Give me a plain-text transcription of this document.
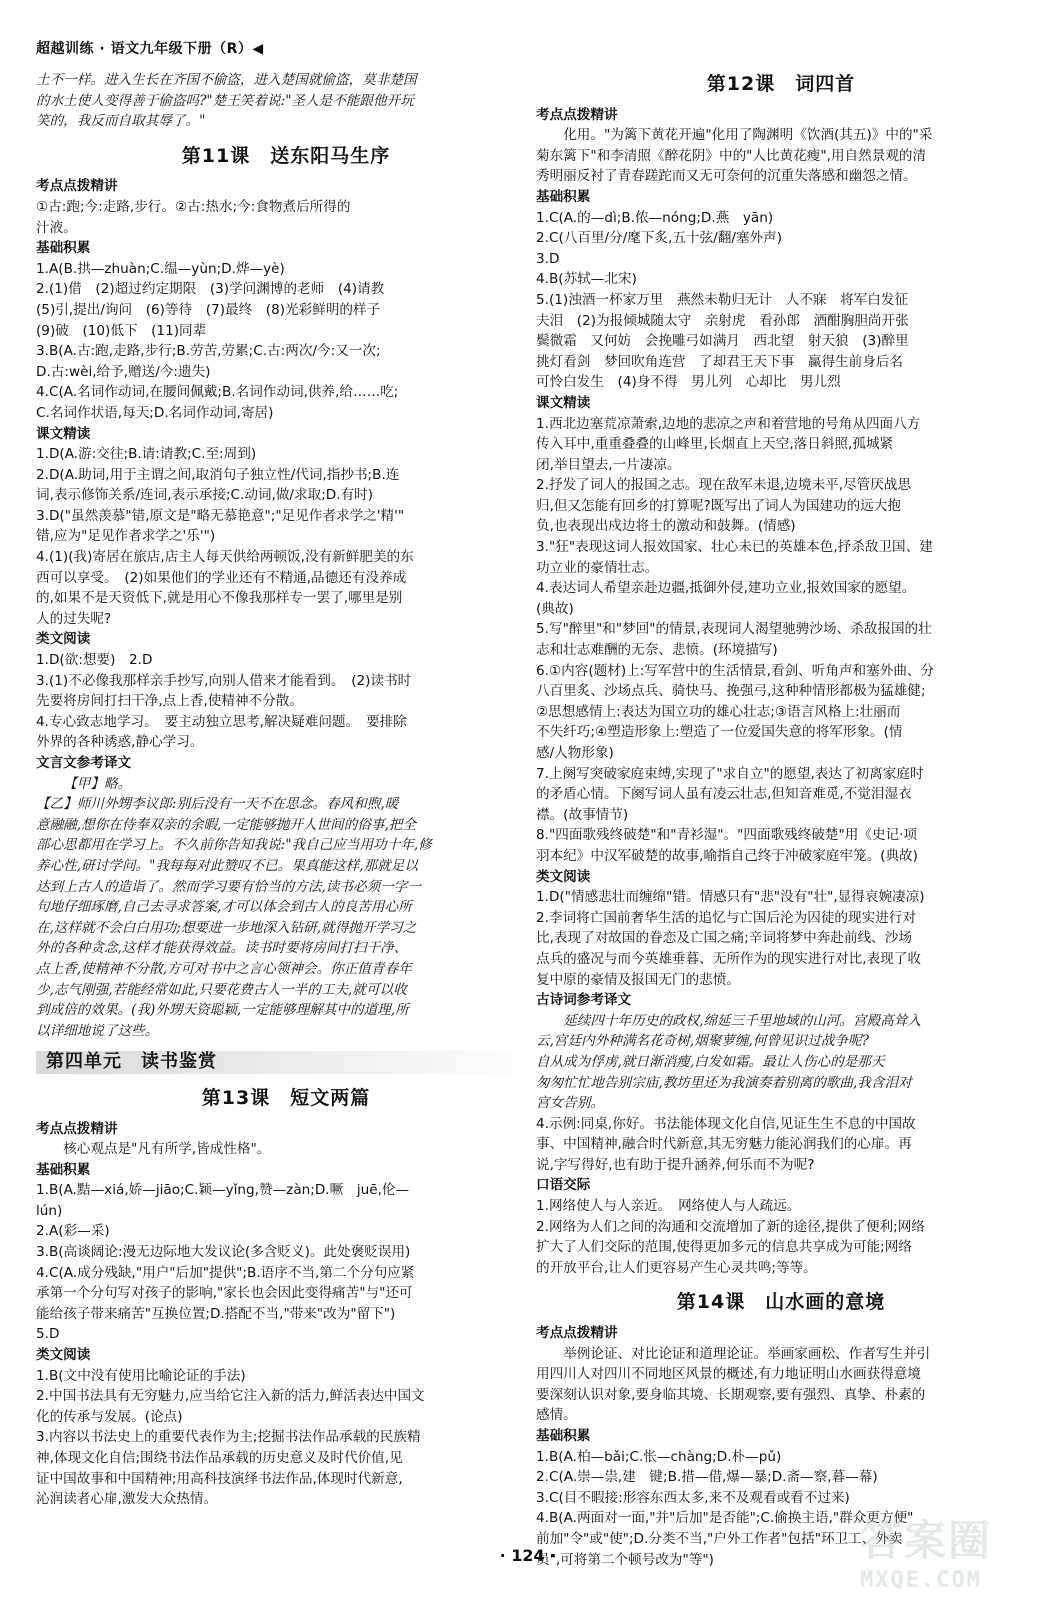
超越训练 · 语文九年级下册（R）◀

土不一样。进入生长在齐国不偷盗，进入楚国就偷盗，莫非楚国

的水土使人变得善于偷盗吗?"楚王笑着说:"圣人是不能跟他开玩

笑的，我反而自取其辱了。"

第11课　送东阳马生序
考点点拨精讲

①古:跑;今:走路,步行。②古:热水;今:食物煮后所得的

汁液。

基础积累

1.A(B.拱—zhuàn;C.缊—yùn;D.烨—yè)

2.(1)借　(2)超过约定期限　(3)学问渊博的老师　(4)请教

(5)引,提出/询问　(6)等待　(7)最终　(8)光彩鲜明的样子

(9)破　(10)低下　(11)同辈

3.B(A.古:跑,走路,步行;B.劳苦,劳累;C.古:两次/今:又一次;

D.古:wèi,给予,赠送/今:遗失)

4.C(A.名词作动词,在腰间佩戴;B.名词作动词,供养,给……吃;

C.名词作状语,每天;D.名词作动词,寄居)

课文精读

1.D(A.游:交往;B.请:请教;C.至:周到)

2.D(A.助词,用于主谓之间,取消句子独立性/代词,指抄书;B.连

词,表示修饰关系/连词,表示承接;C.动词,做/求取;D.有时)

3.D("虽然羡慕"错,原文是"略无慕艳意";"足见作者求学之'精'"

错,应为"足见作者求学之'乐'")

4.(1)(我)寄居在旅店,店主人每天供给两顿饭,没有新鲜肥美的东

西可以享受。　(2)如果他们的学业还有不精通,品德还有没养成

的,如果不是天资低下,就是用心不像我那样专一罢了,哪里是别

人的过失呢?

类文阅读

1.D(欲:想要)　2.D

3.(1)不必像我那样亲手抄写,向别人借来才能看到。　(2)读书时

先要将房间打扫干净,点上香,使精神不分散。

4.专心致志地学习。　要主动独立思考,解决疑难问题。　要排除

外界的各种诱惑,静心学习。

文言文参考译文

【甲】略。

【乙】师川外甥李议郎:别后没有一天不在思念。春风和煦,暖

意融融,想你在侍奉双亲的余暇,一定能够抛开人世间的俗事,把全

部心思都用在学习上。不久前你告知我说:"我自己应当用功十年,修

养心性,研讨学问。"我每每对此赞叹不已。果真能这样,那就足以

达到上古人的造诣了。然而学习要有恰当的方法,读书必须一字一

句地仔细琢磨,自己去寻求答案,才可以体会到古人的良苦用心所

在,这样就不会白白用功;想要进一步地深入钻研,就得抛开学习之

外的各种贪念,这样才能获得效益。读书时要将房间打扫干净、

点上香,使精神不分散,方可对书中之言心领神会。你正值青春年

少,志气刚强,若能经常如此,只要花费古人一半的工夫,就可以收

到成倍的效果。(我)外甥天资聪颖,一定能够理解其中的道理,所

以详细地说了这些。

第四单元　读书鉴赏
第13课　短文两篇
考点点拨精讲

核心观点是"凡有所学,皆成性格"。

基础积累

1.B(A.黠—xiá,娇—jiāo;C.颖—yǐng,赞—zàn;D.噘　juē,伦—

lún)

2.A(彩—采)

3.B(高谈阔论:漫无边际地大发议论(多含贬义)。此处褒贬误用)

4.C(A.成分残缺,"用户"后加"提供";B.语序不当,第二个分句应紧

承第一个分句写对孩子的影响,"家长也会因此变得痛苦"与"还可

能给孩子带来痛苦"互换位置;D.搭配不当,"带来"改为"留下")

5.D

类文阅读

1.B(文中没有使用比喻论证的手法)

2.中国书法具有无穷魅力,应当给它注入新的活力,鲜活表达中国文

化的传承与发展。(论点)

3.内容以书法史上的重要代表作为主;挖掘书法作品承载的民族精

神,体现文化自信;围绕书法作品承载的历史意义及时代价值,见

证中国故事和中国精神;用高科技演绎书法作品,体现时代新意,

沁润读者心扉,激发大众热情。

第12课　词四首
考点点拨精讲

化用。"为篱下黄花开遍"化用了陶渊明《饮酒(其五)》中的"采

菊东篱下"和李清照《醉花阴》中的"人比黄花瘦",用自然景观的清

秀明丽反衬了青春蹉跎而又无可奈何的沉重失落感和幽怨之情。

基础积累

1.C(A.的—dì;B.侬—nóng;D.燕　yān)

2.C(八百里/分/麾下炙,五十弦/翻/塞外声)

3.D

4.B(苏轼—北宋)

5.(1)浊酒一杯家万里　燕然未勒归无计　人不寐　将军白发征

夫泪　(2)为报倾城随太守　亲射虎　看孙郎　酒酣胸胆尚开张

鬓微霜　又何妨　会挽雕弓如满月　西北望　射天狼　(3)醉里

挑灯看剑　梦回吹角连营　了却君王天下事　赢得生前身后名

可怜白发生　(4)身不得　男儿列　心却比　男儿烈

课文精读

1.西北边塞荒凉萧索,边地的悲凉之声和着营地的号角从四面八方

传入耳中,重重叠叠的山峰里,长烟直上天空,落日斜照,孤城紧

闭,举目望去,一片凄凉。

2.抒发了词人的报国之志。现在敌军未退,边境未平,尽管厌战思

归,但又怎能有回乡的打算呢?既写出了词人为国建功的远大抱

负,也表现出戍边将士的激动和鼓舞。(情感)

3."狂"表现这词人报效国家、壮心未已的英雄本色,抒杀敌卫国、建

功立业的豪情壮志。

4.表达词人希望亲赴边疆,抵御外侵,建功立业,报效国家的愿望。

(典故)

5.写"醉里"和"梦回"的情景,表现词人渴望驰骋沙场、杀敌报国的壮

志和壮志难酬的无奈、悲愤。(环境描写)

6.①内容(题材)上:写军营中的生活情景,看剑、听角声和塞外曲、分

八百里炙、沙场点兵、骑快马、挽强弓,这种种情形都极为猛雄健;

②思想感情上:表达为国立功的雄心壮志;③语言风格上:壮丽而

不失纤巧;④塑造形象上:塑造了一位爱国失意的将军形象。(情

感/人物形象)

7.上阕写突破家庭束缚,实现了"求自立"的愿望,表达了初离家庭时

的矛盾心情。下阕写词人虽有凌云壮志,但知音难觅,不觉泪湿衣

襟。(故事情节)

8."四面歌残终破楚"和"青衫湿"。"四面歌残终破楚"用《史记·项

羽本纪》中汉军破楚的故事,喻指自己终于冲破家庭牢笼。(典故)

类文阅读

1.D("情感悲壮而缠绵"错。情感只有"悲"没有"壮",显得哀婉凄凉)

2.李词将亡国前奢华生活的追忆与亡国后沦为囚徒的现实进行对

比,表现了对故国的眷恋及亡国之痛;辛词将梦中奔赴前线、沙场

点兵的盛况与而今英雄垂暮、无所作为的现实进行对比,表现了收

复中原的豪情及报国无门的悲愤。

古诗词参考译文

延续四十年历史的政权,绵延三千里地域的山河。宫殿高耸入

云,宫廷内外种满名花奇树,烟聚萝缠,何曾见识过战争呢?

自从成为俘虏,就日渐消瘦,白发如霜。最让人伤心的是那天

匆匆忙忙地告别宗庙,教坊里还为我演奏着别离的歌曲,我含泪对

宫女告别。

4.示例:同桌,你好。书法能体现文化自信,见证生生不息的中国故

事、中国精神,融合时代新意,其无穷魅力能沁润我们的心扉。再

说,字写得好,也有助于提升涵养,何乐而不为呢?

口语交际

1.网络使人与人亲近。　网络使人与人疏远。

2.网络为人们之间的沟通和交流增加了新的途径,提供了便利;网络

扩大了人们交际的范围,使得更加多元的信息共享成为可能;网络

的开放平台,让人们更容易产生心灵共鸣;等等。

第14课　山水画的意境
考点点拨精讲

举例论证、对比论证和道理论证。举画家画松、作者写生并引

用四川人对四川不同地区风景的概述,有力地证明山水画获得意境

要深刻认识对象,要身临其境、长期观察,要有强烈、真挚、朴素的

感情。

基础积累

1.B(A.柏—bǎi;C.怅—chàng;D.朴—pǔ)

2.C(A.崇—祟,建　键;B.措—借,爆—暴;D.斋—察,暮—幕)

3.C(目不暇接:形容东西太多,来不及观看或看不过来)

4.B(A.两面对一面,"并"后加"是否能";C.偷换主语,"群众更方便"

前加"令"或"使";D.分类不当,"户外工作者"包括"环卫工、外卖

员",可将第二个顿号改为"等")

· 124 ·	答案圈
MXQE.COM
